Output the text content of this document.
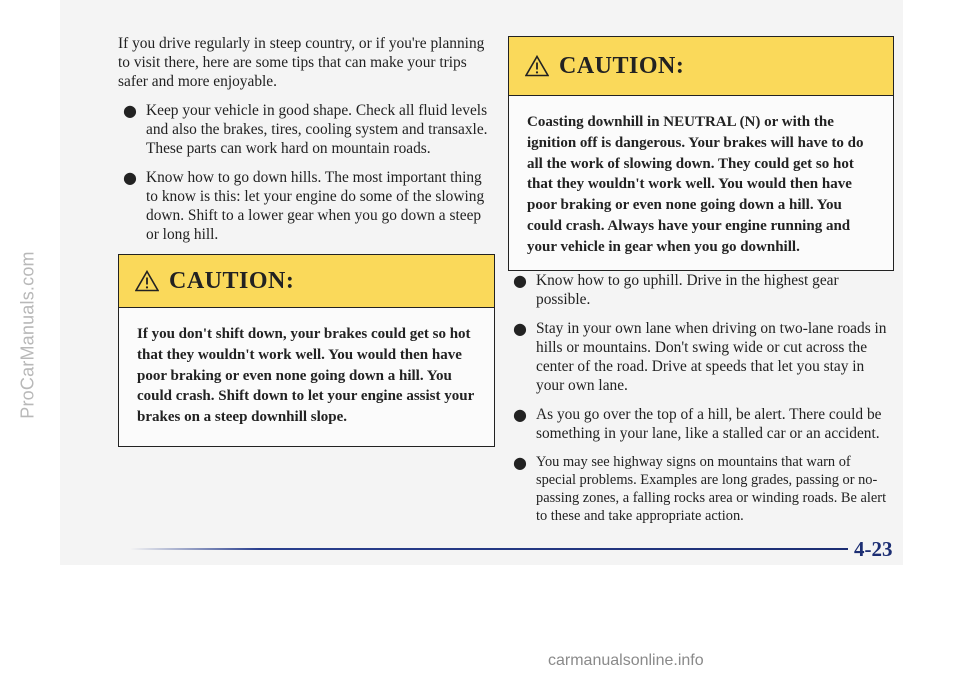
ProCarManuals.com

If you drive regularly in steep country, or if you're planning to visit there, here are some tips that can make your trips safer and more enjoyable.

● Keep your vehicle in good shape. Check all fluid levels and also the brakes, tires, cooling system and transaxle. These parts can work hard on mountain roads.
● Know how to go down hills. The most important thing to know is this: let your engine do some of the slowing down. Shift to a lower gear when you go down a steep or long hill.
CAUTION:
If you don't shift down, your brakes could get so hot that they wouldn't work well. You would then have poor braking or even none going down a hill. You could crash. Shift down to let your engine assist your brakes on a steep downhill slope.
CAUTION:
Coasting downhill in NEUTRAL (N) or with the ignition off is dangerous. Your brakes will have to do all the work of slowing down. They could get so hot that they wouldn't work well. You would then have poor braking or even none going down a hill. You could crash. Always have your engine running and your vehicle in gear when you go downhill.
● Know how to go uphill. Drive in the highest gear possible.
● Stay in your own lane when driving on two-lane roads in hills or mountains. Don't swing wide or cut across the center of the road. Drive at speeds that let you stay in your own lane.
● As you go over the top of a hill, be alert. There could be something in your lane, like a stalled car or an accident.
● You may see highway signs on mountains that warn of special problems. Examples are long grades, passing or no-passing zones, a falling rocks area or winding roads. Be alert to these and take appropriate action.
4-23
carmanualsonline.info
